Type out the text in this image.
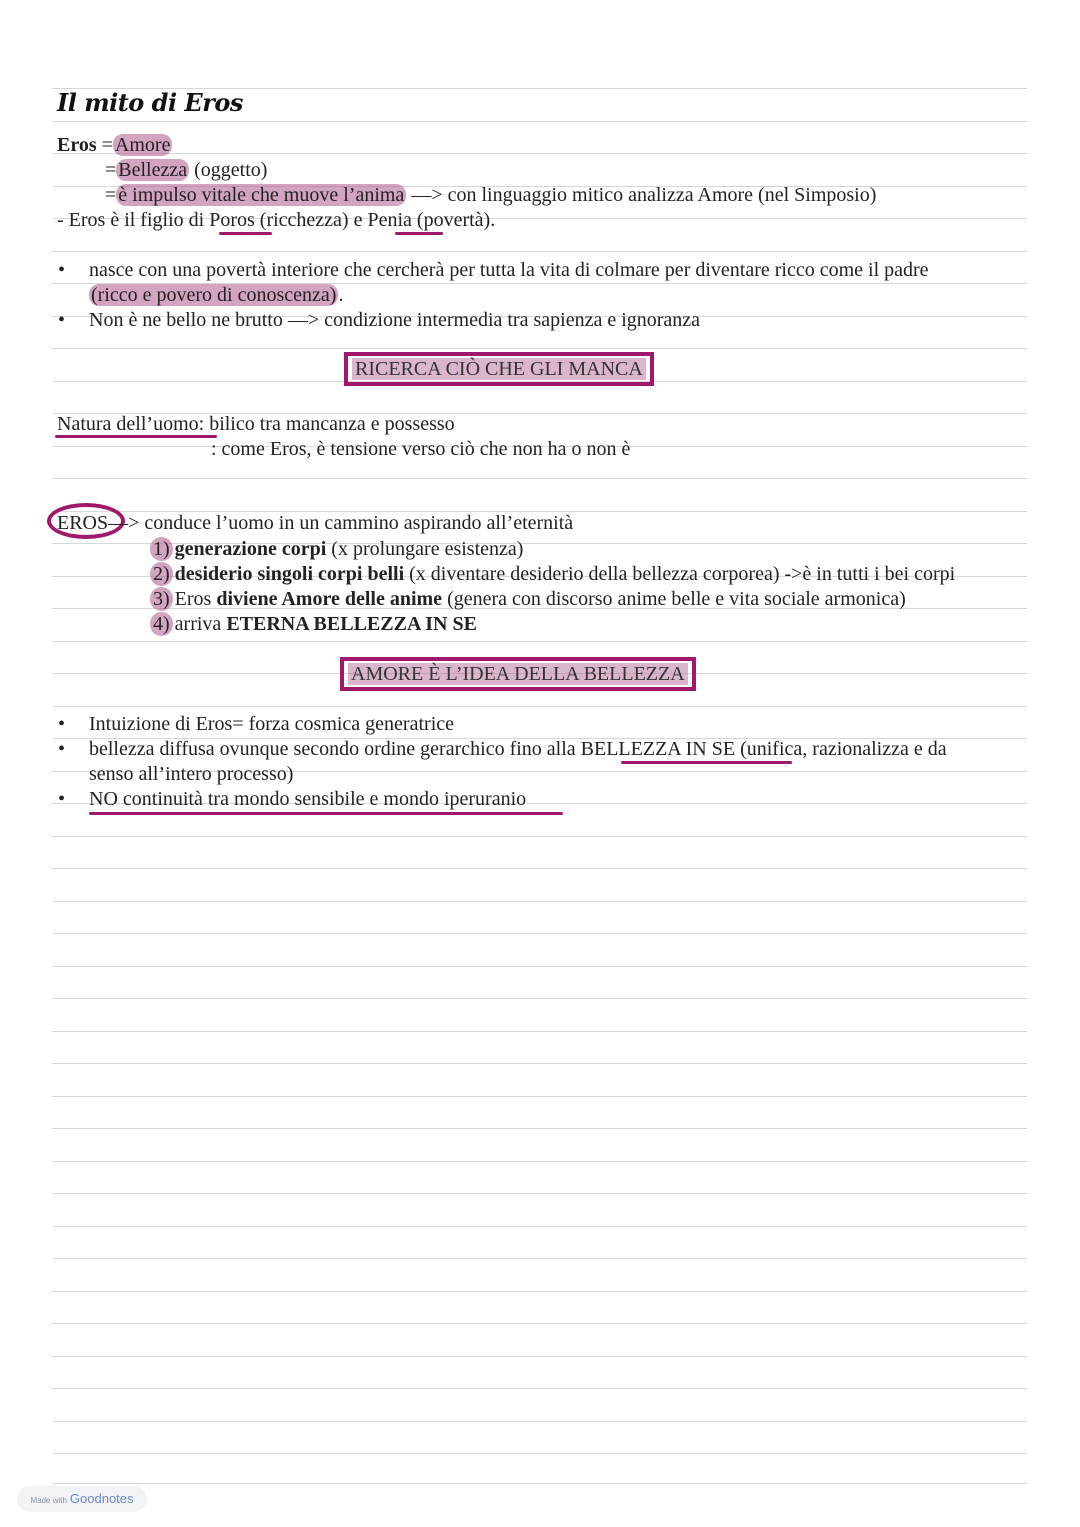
Il mito di Eros
Eros = Amore
= Bellezza (oggetto)
= è impulso vitale che muove l’anima —> con linguaggio mitico analizza Amore (nel Simposio)
- Eros è il figlio di Poros (ricchezza) e Penia (povertà).
• nasce con una povertà interiore che cercherà per tutta la vita di colmare per diventare ricco come il padre
(ricco e povero di conoscenza) .
• Non è ne bello ne brutto —> condizione intermedia tra sapienza e ignoranza
RICERCA CIÒ CHE GLI MANCA
Natura dell’uomo: bilico tra mancanza e possesso
: come Eros, è tensione verso ciò che non ha o non è
EROS—> conduce l’uomo in un cammino aspirando all’eternità
1) generazione corpi (x prolungare esistenza)
2) desiderio singoli corpi belli (x diventare desiderio della bellezza corporea) ->è in tutti i bei corpi
3) Eros diviene Amore delle anime (genera con discorso anime belle e vita sociale armonica)
4) arriva ETERNA BELLEZZA IN SE
AMORE È L’IDEA DELLA BELLEZZA
• Intuizione di Eros= forza cosmica generatrice
• bellezza diffusa ovunque secondo ordine gerarchico fino alla BELLEZZA IN SE (unifica, razionalizza e da
senso all’intero processo)
• NO continuità tra mondo sensibile e mondo iperuranio
Made with Goodnotes
